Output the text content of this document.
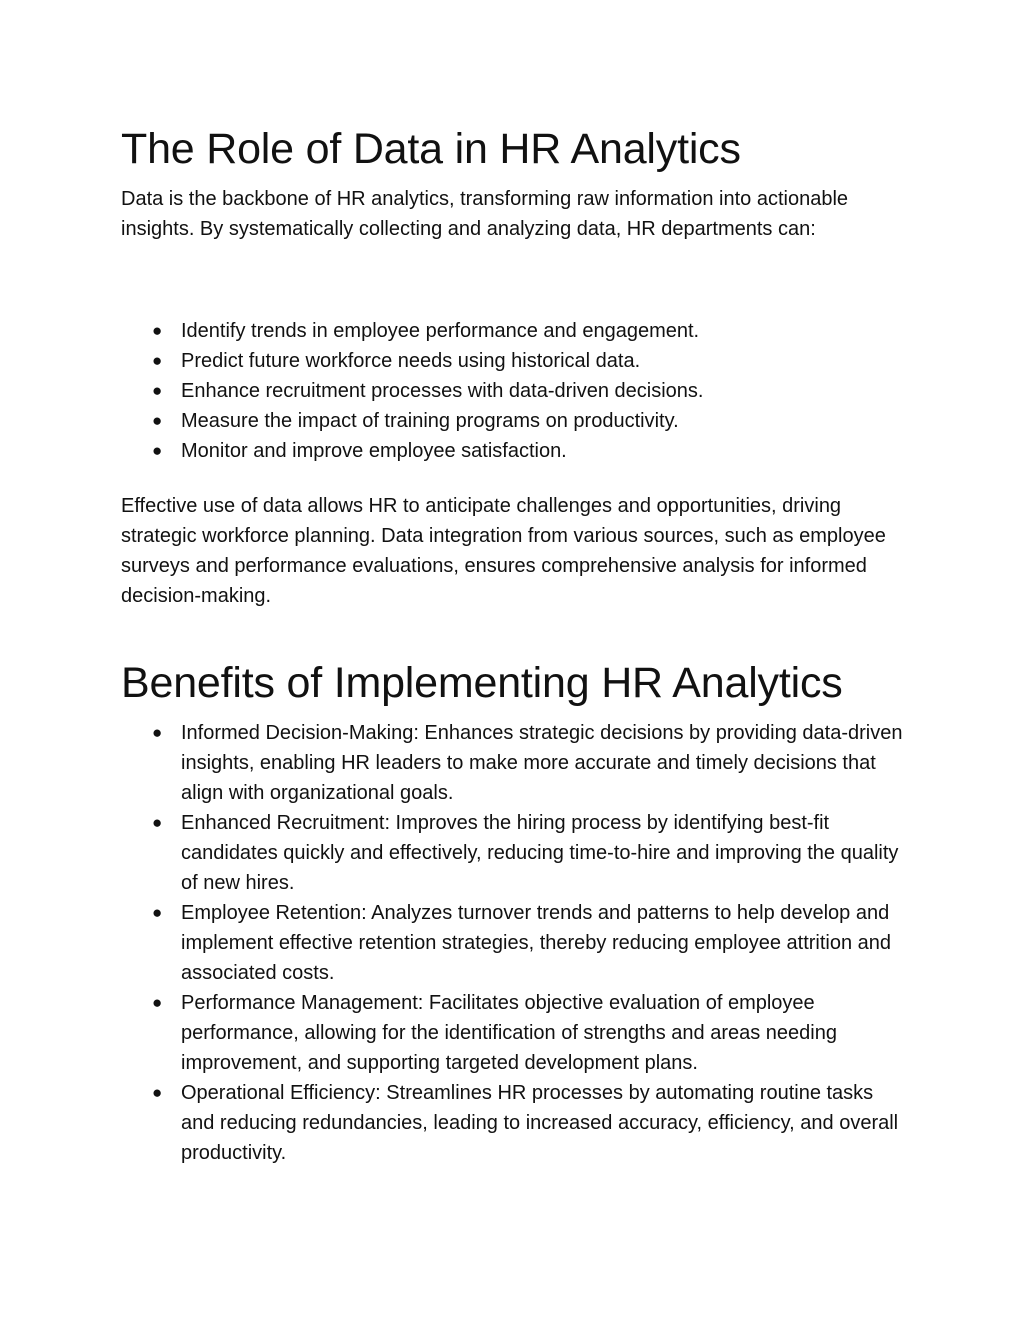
The Role of Data in HR Analytics

Data is the backbone of HR analytics, transforming raw information into actionable insights. By systematically collecting and analyzing data, HR departments can:

● Identify trends in employee performance and engagement.
● Predict future workforce needs using historical data.
● Enhance recruitment processes with data-driven decisions.
● Measure the impact of training programs on productivity.
● Monitor and improve employee satisfaction.

Effective use of data allows HR to anticipate challenges and opportunities, driving strategic workforce planning. Data integration from various sources, such as employee surveys and performance evaluations, ensures comprehensive analysis for informed decision-making.

Benefits of Implementing HR Analytics
● Informed Decision-Making: Enhances strategic decisions by providing data-driven insights, enabling HR leaders to make more accurate and timely decisions that align with organizational goals.
● Enhanced Recruitment: Improves the hiring process by identifying best-fit candidates quickly and effectively, reducing time-to-hire and improving the quality of new hires.
● Employee Retention: Analyzes turnover trends and patterns to help develop and implement effective retention strategies, thereby reducing employee attrition and associated costs.
● Performance Management: Facilitates objective evaluation of employee performance, allowing for the identification of strengths and areas needing improvement, and supporting targeted development plans.
● Operational Efficiency: Streamlines HR processes by automating routine tasks and reducing redundancies, leading to increased accuracy, efficiency, and overall productivity.
